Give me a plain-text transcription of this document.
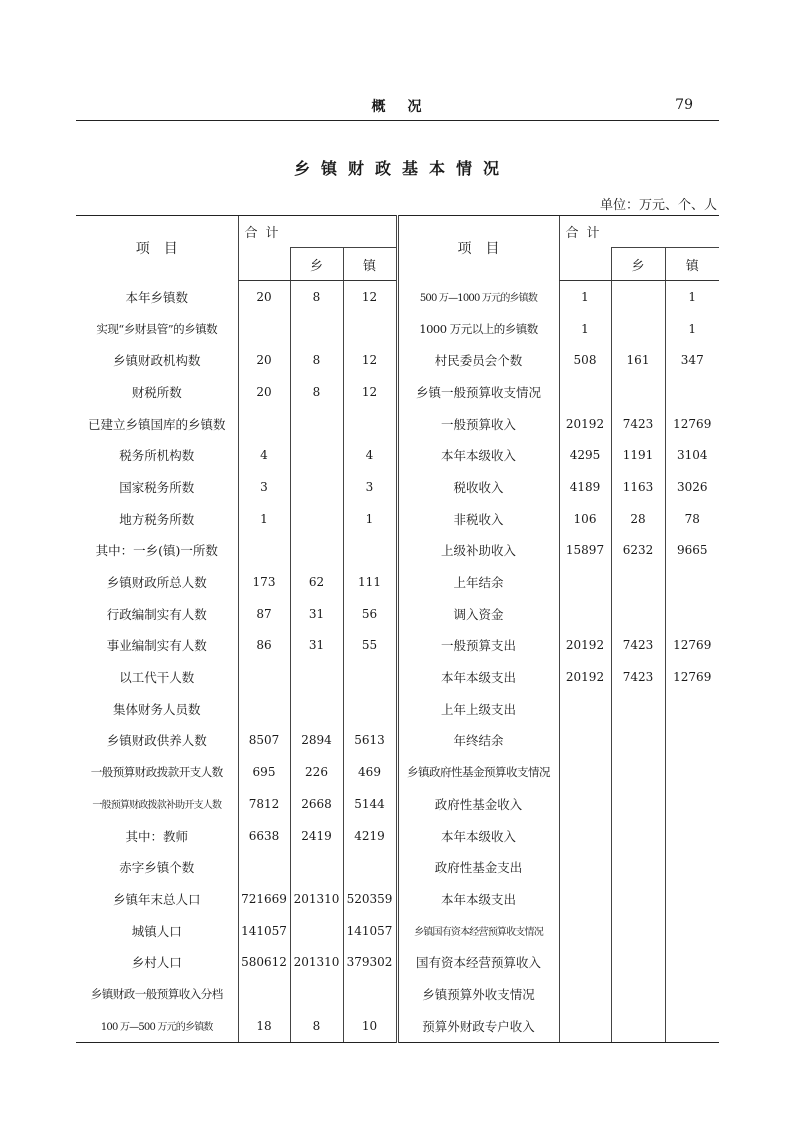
概况	79
乡镇财政基本情况
单位：万元、个、人
项目	合计			项目	合计		
		乡	镇			乡	镇
本年乡镇数	20	8	12	500 万—1000 万元的乡镇数	1		1
实现“乡财县管”的乡镇数				1000 万元以上的乡镇数	1		1
乡镇财政机构数	20	8	12	村民委员会个数	508	161	347
财税所数	20	8	12	乡镇一般预算收支情况			
已建立乡镇国库的乡镇数				一般预算收入	20192	7423	12769
税务所机构数	4		4	本年本级收入	4295	1191	3104
国家税务所数	3		3	税收收入	4189	1163	3026
地方税务所数	1		1	非税收入	106	28	78
其中：一乡(镇)一所数				上级补助收入	15897	6232	9665
乡镇财政所总人数	173	62	111	上年结余			
行政编制实有人数	87	31	56	调入资金			
事业编制实有人数	86	31	55	一般预算支出	20192	7423	12769
以工代干人数				本年本级支出	20192	7423	12769
集体财务人员数				上年上级支出			
乡镇财政供养人数	8507	2894	5613	年终结余			
一般预算财政拨款开支人数	695	226	469	乡镇政府性基金预算收支情况			
一般预算财政拨款补助开支人数	7812	2668	5144	政府性基金收入			
其中：教师	6638	2419	4219	本年本级收入			
赤字乡镇个数				政府性基金支出			
乡镇年末总人口	721669	201310	520359	本年本级支出			
城镇人口	141057		141057	乡镇国有资本经营预算收支情况			
乡村人口	580612	201310	379302	国有资本经营预算收入			
乡镇财政一般预算收入分档				乡镇预算外收支情况			
100 万—500 万元的乡镇数	18	8	10	预算外财政专户收入			
